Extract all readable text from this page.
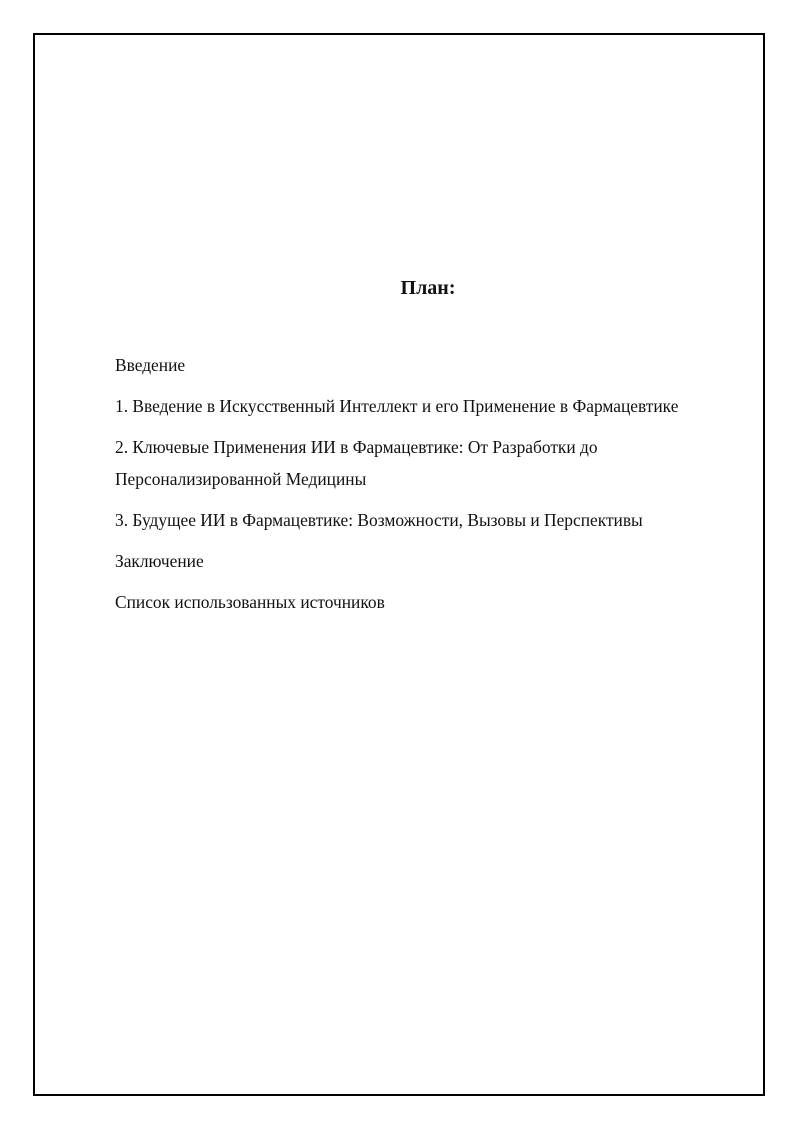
План:
Введение
1. Введение в Искусственный Интеллект и его Применение в Фармацевтике
2. Ключевые Применения ИИ в Фармацевтике: От Разработки до Персонализированной Медицины
3. Будущее ИИ в Фармацевтике: Возможности, Вызовы и Перспективы
Заключение
Список использованных источников
